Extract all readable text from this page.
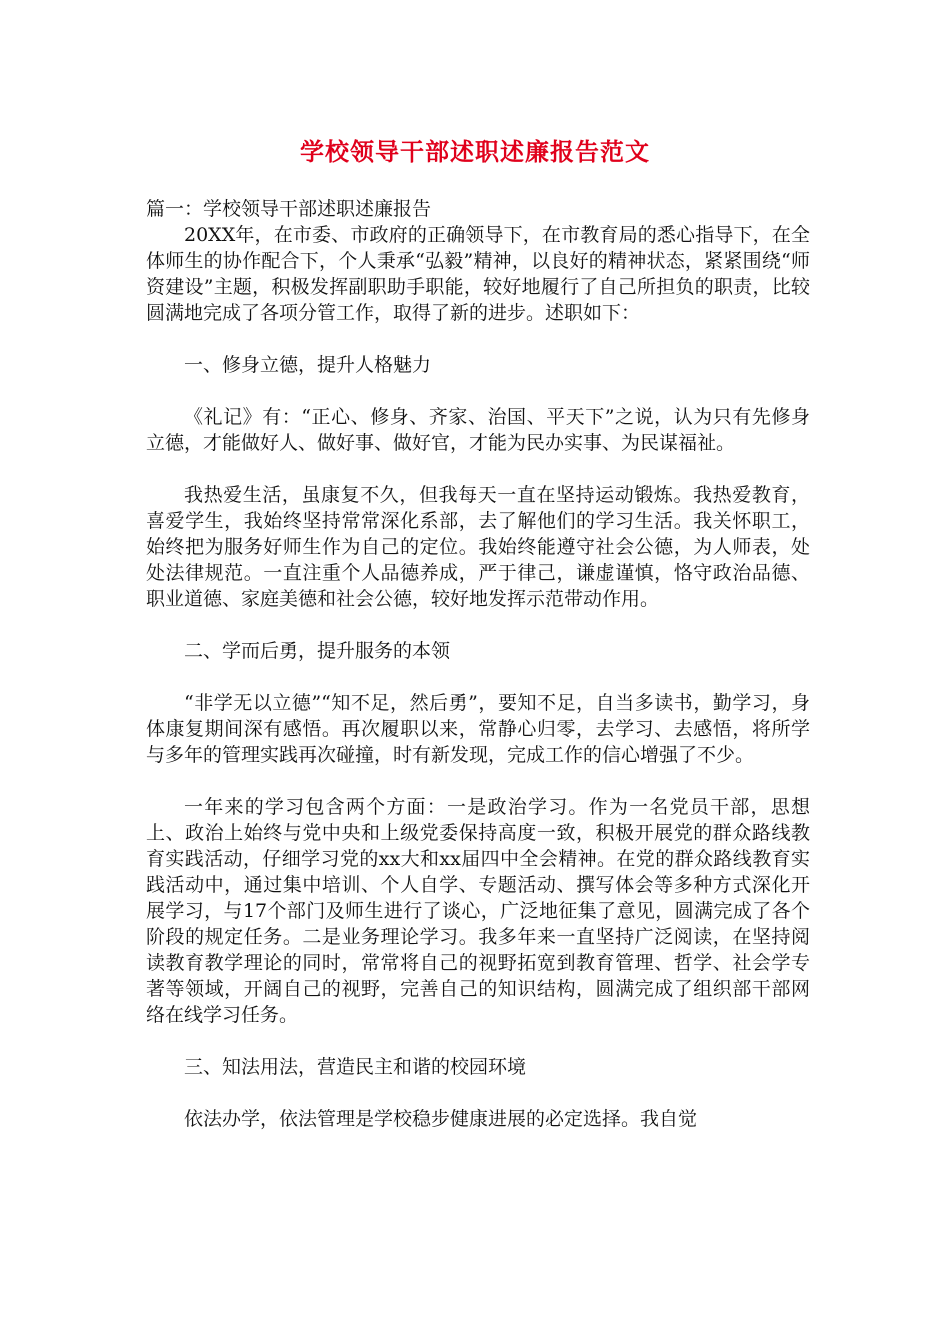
学校领导干部述职述廉报告范文

篇一：学校领导干部述职述廉报告

20XX年，在市委、市政府的正确领导下，在市教育局的悉心指导下，在全体师生的协作配合下，个人秉承“弘毅”精神，以良好的精神状态，紧紧围绕“师资建设”主题，积极发挥副职助手职能，较好地履行了自己所担负的职责，比较圆满地完成了各项分管工作，取得了新的进步。述职如下：

一、修身立德，提升人格魅力

《礼记》有：“正心、修身、齐家、治国、平天下”之说，认为只有先修身立德，才能做好人、做好事、做好官，才能为民办实事、为民谋福祉。

我热爱生活，虽康复不久，但我每天一直在坚持运动锻炼。我热爱教育，喜爱学生，我始终坚持常常深化系部，去了解他们的学习生活。我关怀职工，始终把为服务好师生作为自己的定位。我始终能遵守社会公德，为人师表，处处法律规范。一直注重个人品德养成，严于律己，谦虚谨慎，恪守政治品德、职业道德、家庭美德和社会公德，较好地发挥示范带动作用。

二、学而后勇，提升服务的本领

“非学无以立德”“知不足，然后勇”，要知不足，自当多读书，勤学习，身体康复期间深有感悟。再次履职以来，常静心归零，去学习、去感悟，将所学与多年的管理实践再次碰撞，时有新发现，完成工作的信心增强了不少。

一年来的学习包含两个方面：一是政治学习。作为一名党员干部，思想上、政治上始终与党中央和上级党委保持高度一致，积极开展党的群众路线教育实践活动，仔细学习党的xx大和xx届四中全会精神。在党的群众路线教育实践活动中，通过集中培训、个人自学、专题活动、撰写体会等多种方式深化开展学习，与17个部门及师生进行了谈心，广泛地征集了意见，圆满完成了各个阶段的规定任务。二是业务理论学习。我多年来一直坚持广泛阅读，在坚持阅读教育教学理论的同时，常常将自己的视野拓宽到教育管理、哲学、社会学专著等领域，开阔自己的视野，完善自己的知识结构，圆满完成了组织部干部网络在线学习任务。

三、知法用法，营造民主和谐的校园环境

依法办学，依法管理是学校稳步健康进展的必定选择。我自觉
